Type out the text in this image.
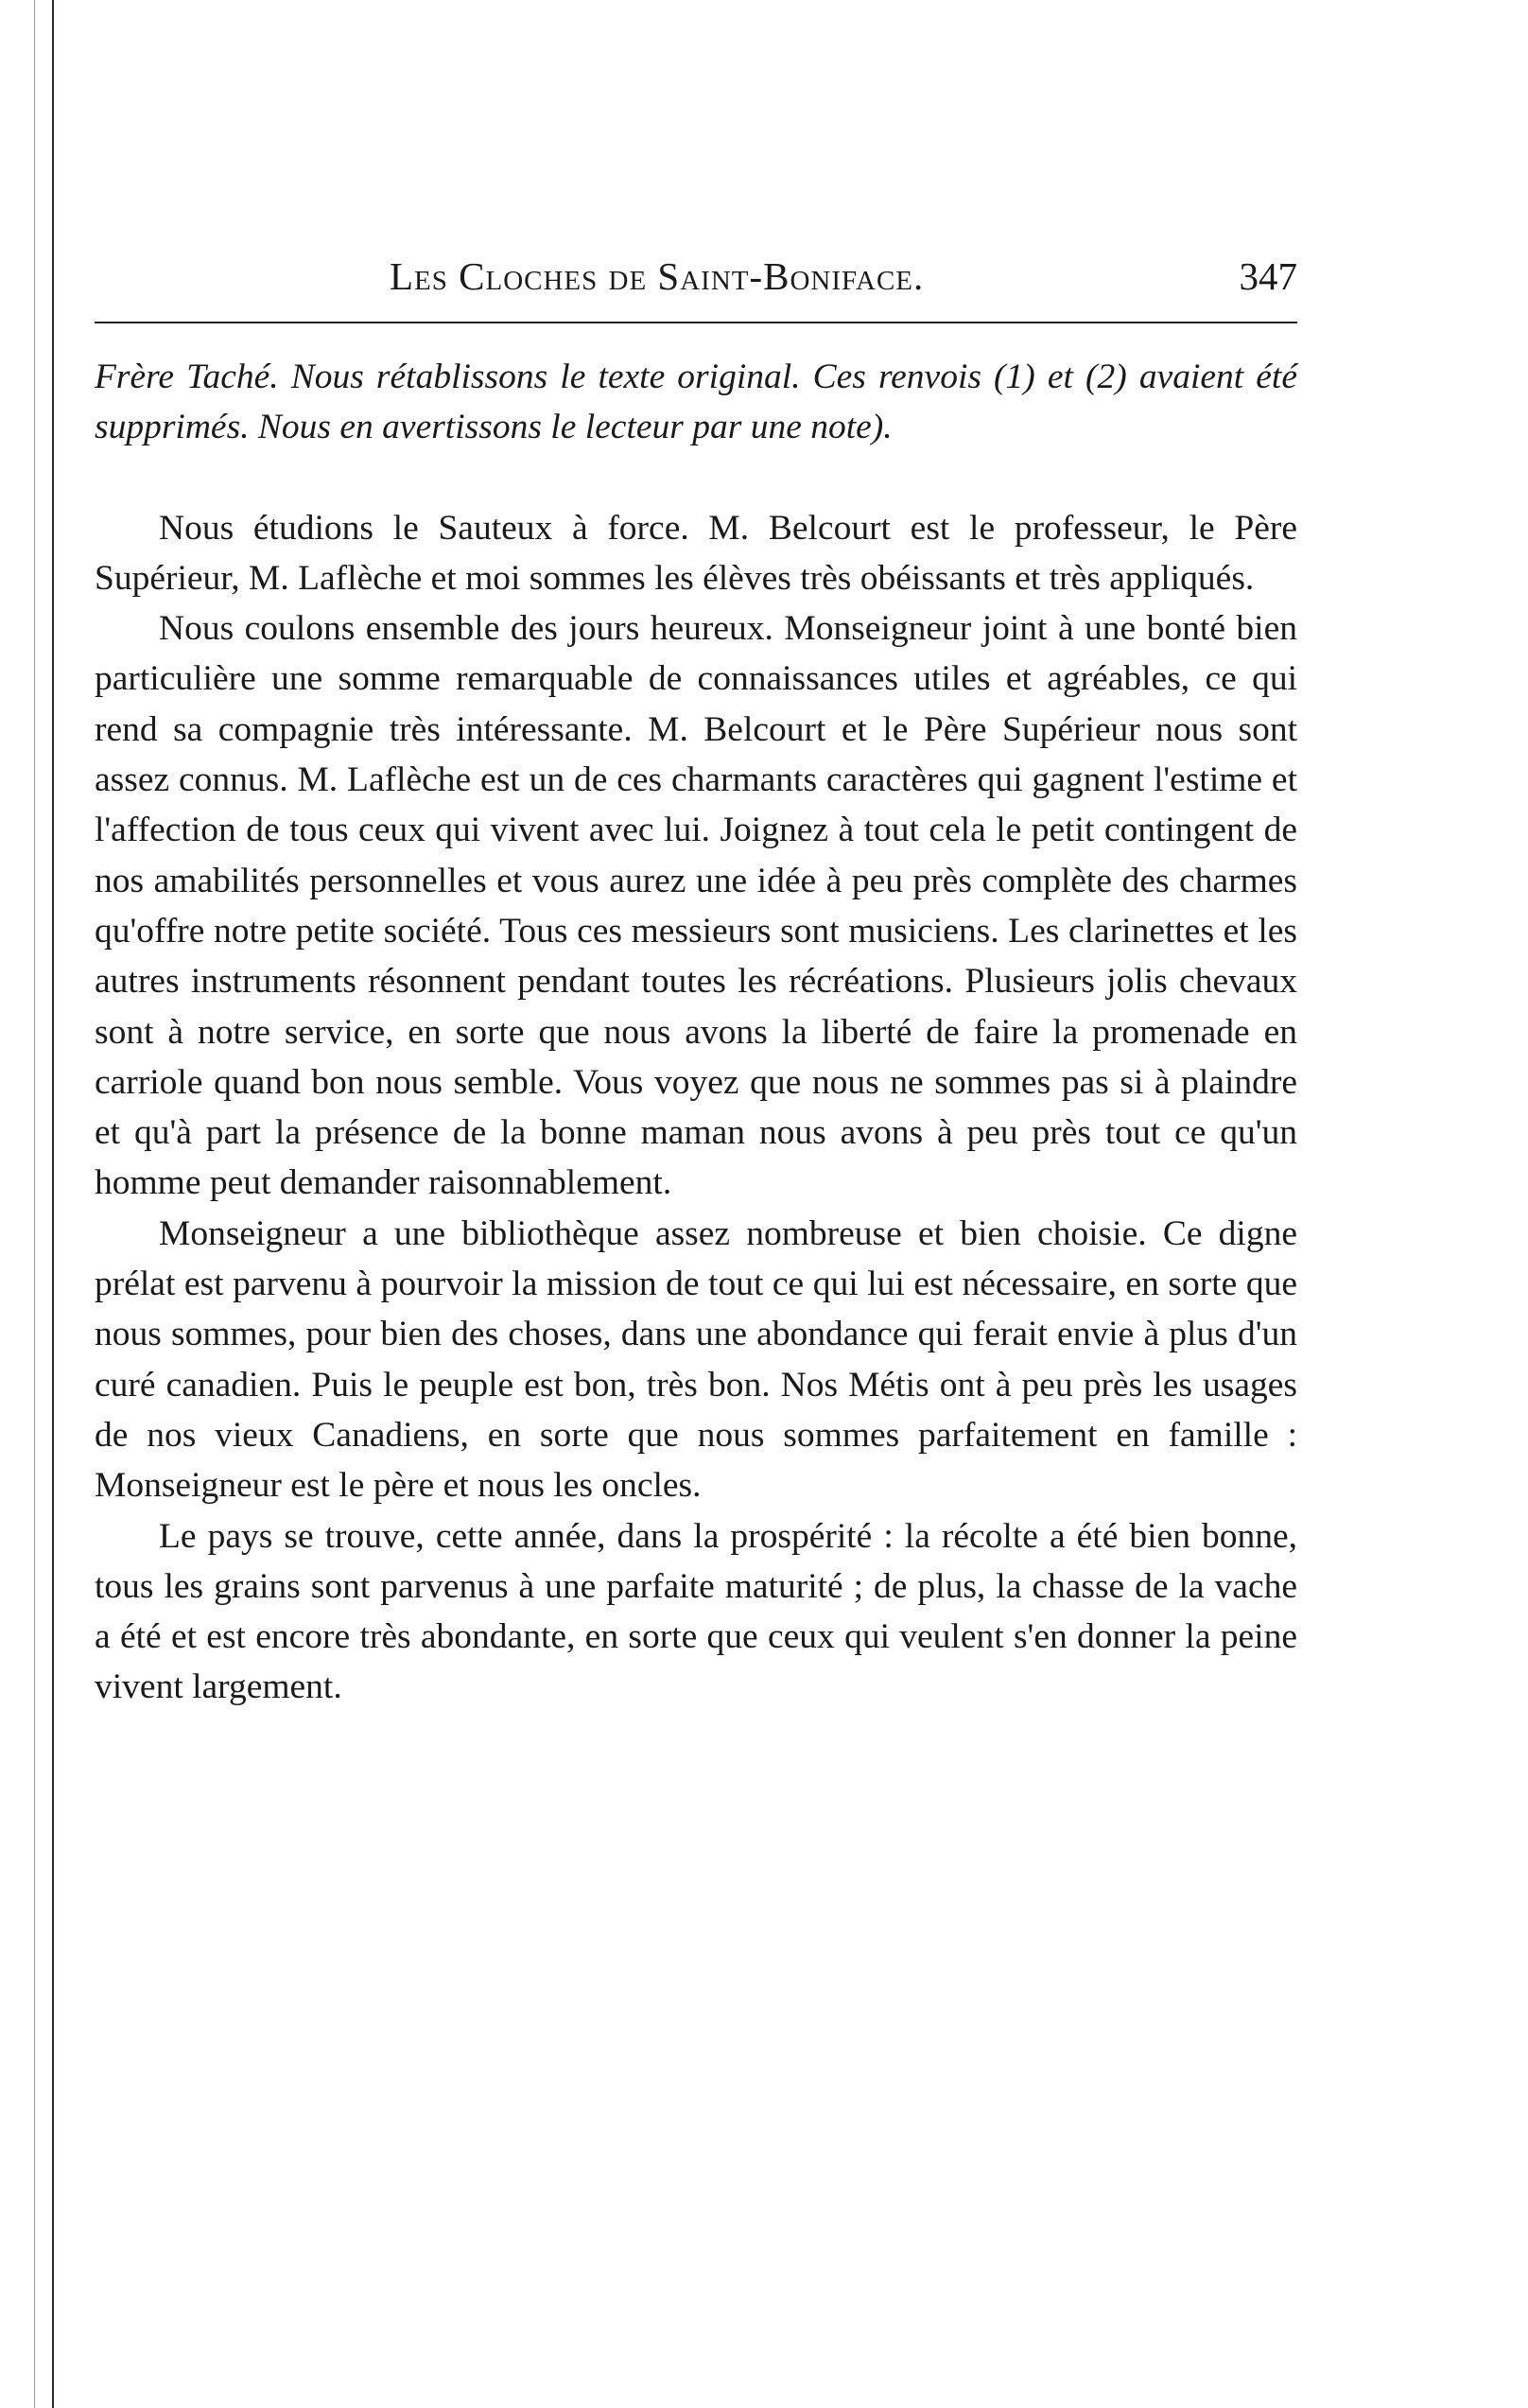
Les Cloches de Saint-Boniface.	347

Frère Taché. Nous rétablissons le texte original. Ces renvois (1) et (2) avaient été supprimés. Nous en avertissons le lecteur par une note).

Nous étudions le Sauteux à force. M. Belcourt est le professeur, le Père Supérieur, M. Laflèche et moi sommes les élèves très obéissants et très appliqués.

Nous coulons ensemble des jours heureux. Monseigneur joint à une bonté bien particulière une somme remarquable de connaissances utiles et agréables, ce qui rend sa compagnie très intéressante. M. Belcourt et le Père Supérieur nous sont assez connus. M. Laflèche est un de ces charmants caractères qui gagnent l'estime et l'affection de tous ceux qui vivent avec lui. Joignez à tout cela le petit contingent de nos amabilités personnelles et vous aurez une idée à peu près complète des charmes qu'offre notre petite société. Tous ces messieurs sont musiciens. Les clarinettes et les autres instruments résonnent pendant toutes les récréations. Plusieurs jolis chevaux sont à notre service, en sorte que nous avons la liberté de faire la promenade en carriole quand bon nous semble. Vous voyez que nous ne sommes pas si à plaindre et qu'à part la présence de la bonne maman nous avons à peu près tout ce qu'un homme peut demander raisonnablement.

Monseigneur a une bibliothèque assez nombreuse et bien choisie. Ce digne prélat est parvenu à pourvoir la mission de tout ce qui lui est nécessaire, en sorte que nous sommes, pour bien des choses, dans une abondance qui ferait envie à plus d'un curé canadien. Puis le peuple est bon, très bon. Nos Métis ont à peu près les usages de nos vieux Canadiens, en sorte que nous sommes parfaitement en famille : Monseigneur est le père et nous les oncles.

Le pays se trouve, cette année, dans la prospérité : la récolte a été bien bonne, tous les grains sont parvenus à une parfaite maturité ; de plus, la chasse de la vache a été et est encore très abondante, en sorte que ceux qui veulent s'en donner la peine vivent largement.
